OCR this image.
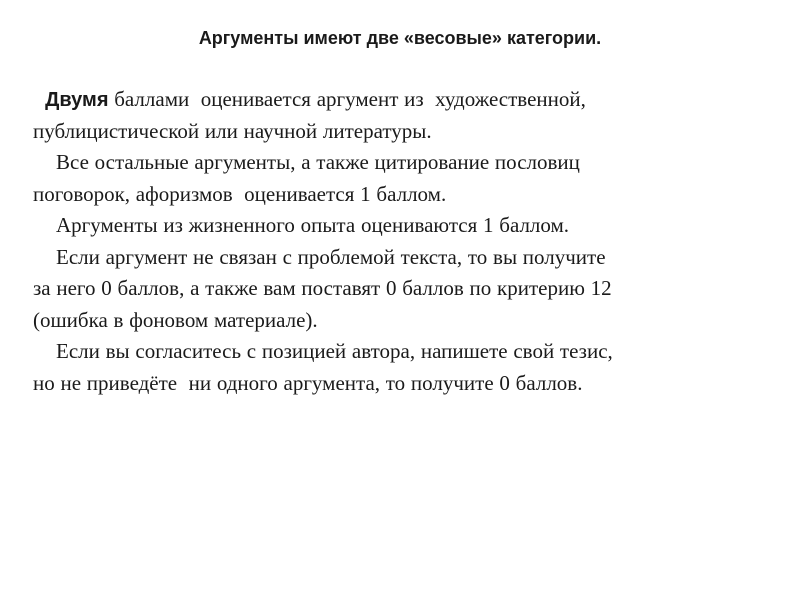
Аргументы имеют две «весовые» категории.
Двумя баллами  оценивается аргумент из  художественной,
публицистической или научной литературы.
Все остальные аргументы, а также цитирование пословиц
поговорок, афоризмов  оценивается 1 баллом.
Аргументы из жизненного опыта оцениваются 1 баллом.
Если аргумент не связан с проблемой текста, то вы получите
за него 0 баллов, а также вам поставят 0 баллов по критерию 12
(ошибка в фоновом материале).
Если вы согласитесь с позицией автора, напишете свой тезис,
но не приведёте  ни одного аргумента, то получите 0 баллов.
